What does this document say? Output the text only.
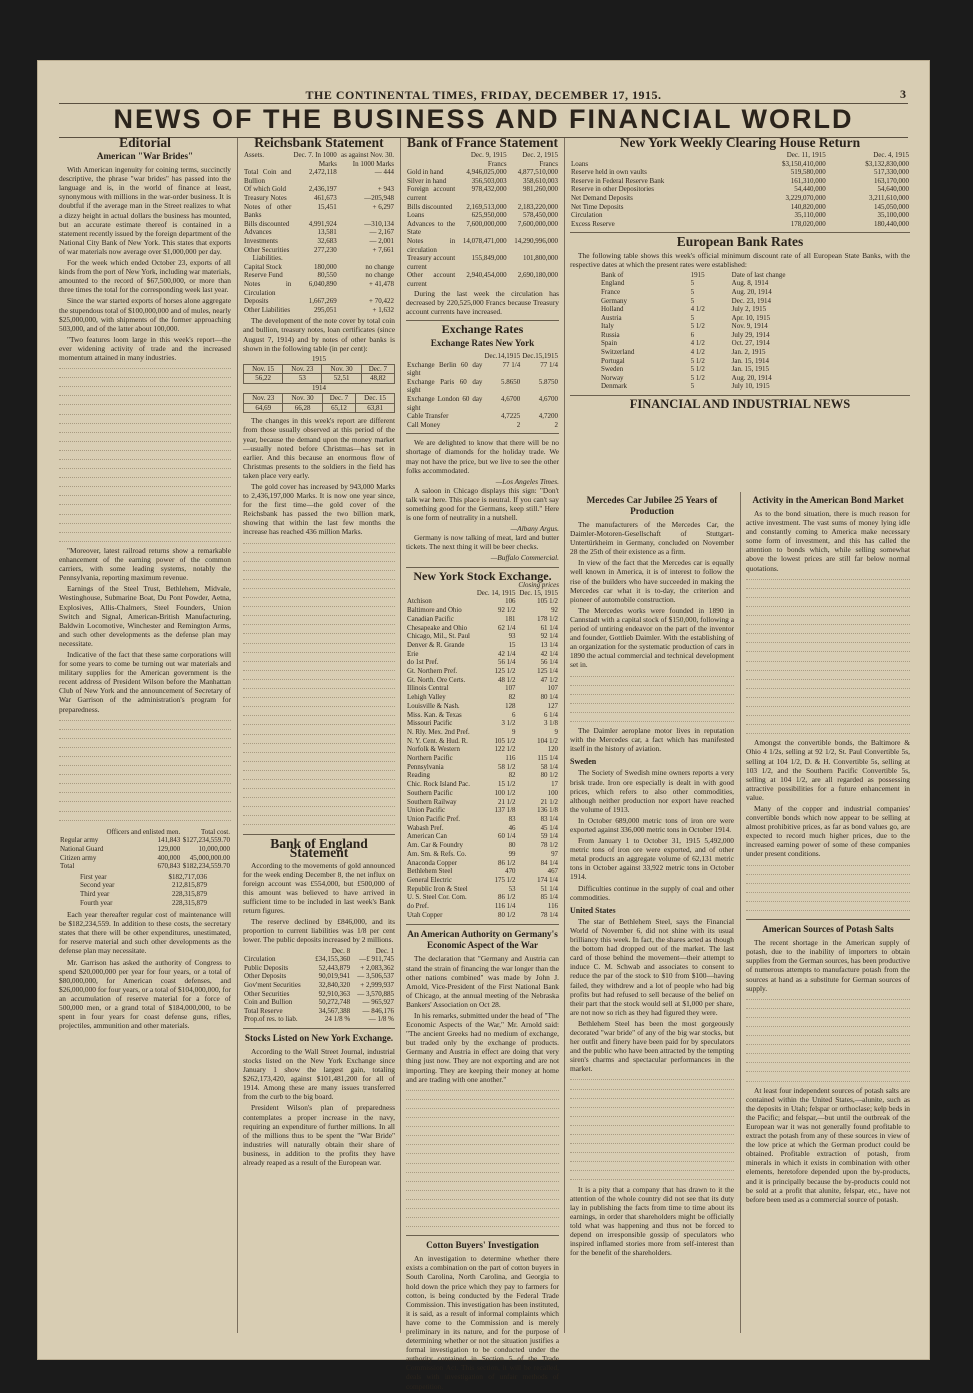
THE CONTINENTAL TIMES, FRIDAY, DECEMBER 17, 1915.	3
NEWS OF THE BUSINESS AND FINANCIAL WORLD
Editorial
American "War Brides"

With American ingenuity for coining terms, succinctly descriptive, the phrase "war brides" has passed into the language and is, in the world of finance at least, synonymous with millions in the war-order business. It is doubtful if the average man in the Street realizes to what a dizzy height in actual dollars the business has mounted, but an accurate estimate thereof is contained in a statement recently issued by the foreign department of the National City Bank of New York. This states that exports of war materials now average over $1,000,000 per day.

For the week which ended October 23, exports of all kinds from the port of New York, including war materials, amounted to the record of $67,500,000, or more than three times the total for the corresponding week last year.

Since the war started exports of horses alone aggregate the stupendous total of $100,000,000 and of mules, nearly $25,000,000, with shipments of the former approaching 503,000, and of the latter about 100,000.

"Two features loom large in this week's report—the ever widening activity of trade and the increased momentum attained in many industries.

"Moreover, latest railroad returns show a remarkable enhancement of the earning power of the common carriers, with some leading systems, notably the Pennsylvania, reporting maximum revenue.

Earnings of the Steel Trust, Bethlehem, Midvale, Westinghouse, Submarine Boat, Du Pont Powder, Aetna, Explosives, Allis-Chalmers, Steel Founders, Union Switch and Signal, American-British Manufacturing, Baldwin Locomotive, Winchester and Remington Arms, and such other developments as the defense plan may necessitate.

Indicative of the fact that these same corporations will for some years to come be turning out war materials and military supplies for the American government is the recent address of President Wilson before the Manhattan Club of New York and the announcement of Secretary of War Garrison of the administration's program for preparedness.

	Officers and enlisted men.	Total cost.
Regular army	141,843	$127,234,559.70
National Guard	129,000	10,000,000
Citizen army	400,000	45,000,000.00
Total	670,843	$182,234,559.70
First year	$182,717,036
Second year	212,815,879
Third year	228,315,879
Fourth year	228,315,879

Each year thereafter regular cost of maintenance will be $182,234,559. In addition to these costs, the secretary states that there will be other expenditures, unestimated, for reserve material and such other developments as the defense plan may necessitate.

Mr. Garrison has asked the authority of Congress to spend $20,000,000 per year for four years, or a total of $80,000,000, for American coast defenses, and $26,000,000 for four years, or a total of $104,000,000, for an accumulation of reserve material for a force of 500,000 men, or a grand total of $184,000,000, to be spent in four years for coast defense guns, rifles, projectiles, ammunition and other materials.

Reichsbank Statement
Assets.	Dec. 7. In 1000 Marks	as against Nov. 30. In 1000 Marks
Total Coin and Bullion	2,472,118	— 444
Of which Gold	2,436,197	+ 943
Treasury Notes	461,673	—205,948
Notes of other Banks	15,451	+ 6,297
Bills discounted	4,991,924	—310,134
Advances	13,581	— 2,167
Investments	32,683	— 2,001
Other Securities	277,230	+ 7,661
Liabilities.		
Capital Stock	180,000	no change
Reserve Fund	80,550	no change
Notes in Circulation	6,040,890	+ 41,478
Deposits	1,667,269	+ 70,422
Other Liabilities	295,051	+ 1,632

The development of the note cover by total coin and bullion, treasury notes, loan certificates (since August 7, 1914) and by notes of other banks is shown in the following table (in per cent):

1915
Nov. 15	Nov. 23	Nov. 30	Dec. 7
56,22	53	52,51	48,82
1914
Nov. 23	Nov. 30	Dec. 7	Dec. 15
64,69	66,28	65,12	63,81

The changes in this week's report are different from those usually observed at this period of the year, because the demand upon the money market—usually noted before Christmas—has set in earlier. And this because an enormous flow of Christmas presents to the soldiers in the field has taken place very early.

The gold cover has increased by 943,000 Marks to 2,436,197,000 Marks. It is now one year since, for the first time—the gold cover of the Reichsbank has passed the two billion mark, showing that within the last few months the increase has reached 436 million Marks.

Bank of England Statement

According to the movements of gold announced for the week ending December 8, the net influx on foreign account was £554,000, but £500,000 of this amount was believed to have arrived in sufficient time to be included in last week's Bank return figures.

The reserve declined by £846,000, and its proportion to current liabilities was 1/8 per cent lower. The public deposits increased by 2 millions.

	Dec. 8	Dec. 1
Circulation	£34,155,360	—£ 911,745
Public Deposits	52,443,879	+ 2,083,362
Other Deposits	90,019,941	— 3,506,537
Gov'ment Securities	32,840,320	+ 2,999,937
Other Securities	92,910,363	— 3,570,885
Coin and Bullion	50,272,748	— 965,927
Total Reserve	34,567,388	— 846,176
Prop.of res. to liab.	24 1/8 %	— 1/8 %
Stocks Listed on New York Exchange.

According to the Wall Street Journal, industrial stocks listed on the New York Exchange since January 1 show the largest gain, totaling $262,173,420, against $101,481,200 for all of 1914. Among these are many issues transferred from the curb to the big board.

President Wilson's plan of preparedness contemplates a proper increase in the navy, requiring an expenditure of further millions. In all of the millions thus to be spent the "War Bride" industries will naturally obtain their share of business, in addition to the profits they have already reaped as a result of the European war.

Bank of France Statement
	Dec. 9, 1915 Francs	Dec. 2, 1915 Francs
Gold in hand	4,946,025,000	4,877,510,000
Silver in hand	356,503,003	358,610,003
Foreign account current	978,432,000	981,260,000
Bills discounted	2,169,513,000	2,183,220,000
Loans	625,950,000	578,450,000
Advances to the State	7,600,000,000	7,600,000,000
Notes in circulation	14,078,471,000	14,290,996,000
Treasury account current	155,849,000	101,800,000
Other account current	2,940,454,000	2,690,180,000

During the last week the circulation has decreased by 220,525,000 Francs because Treasury account currents have increased.

Exchange Rates
Exchange Rates New York
	Dec.14,1915	Dec.15,1915
Exchange Berlin 60 day sight	77 1/4	77 1/4
Exchange Paris 60 day sight	5.8650	5.8750
Exchange London 60 day sight	4,6700	4,6700
Cable Transfer	4,7225	4,7200
Call Money	2	2

We are delighted to know that there will be no shortage of diamonds for the holiday trade. We may not have the price, but we live to see the other folks accommodated.

—Los Angeles Times.

A saloon in Chicago displays this sign: "Don't talk war here. This place is neutral. If you can't say something good for the Germans, keep still." Here is one form of neutrality in a nutshell.

—Albany Argus.

Germany is now talking of meat, lard and butter tickets. The next thing it will be beer checks.

—Buffalo Commercial.
New York Stock Exchange.
Closing prices
	Dec. 14, 1915	Dec. 15, 1915
Atchison	106	105 1/2
Baltimore and Ohio	92 1/2	92
Canadian Pacific	181	178 1/2
Chesapeake and Ohio	62 1/4	61 1/4
Chicago, Mil., St. Paul	93	92 1/4
Denver & R. Grande	15	13 1/4
Erie	42 1/4	42 1/4
do 1st Pref.	56 1/4	56 1/4
Gt. Northern Pref.	125 1/2	125 1/4
Gt. North. Ore Certs.	48 1/2	47 1/2
Illinois Central	107	107
Lehigh Valley	82	80 1/4
Louisville & Nash.	128	127
Miss. Kan. & Texas	6	6 1/4
Missouri Pacific	3 1/2	3 1/8
N. Rly. Mex. 2nd Pref.	9	9
N. Y. Cent. & Hud. R.	105 1/2	104 1/2
Norfolk & Western	122 1/2	120
Northern Pacific	116	115 1/4
Pennsylvania	58 1/2	58 1/4
Reading	82	80 1/2
Chic. Rock Island Pac.	15 1/2	17
Southern Pacific	100 1/2	100
Southern Railway	21 1/2	21 1/2
Union Pacific	137 1/8	136 1/8
Union Pacific Pref.	83	83 1/4
Wabash Pref.	46	45 1/4
American Can	60 1/4	59 1/4
Am. Car & Foundry	80	78 1/2
Am. Sm. & Refs. Co.	99	97
Anaconda Copper	86 1/2	84 1/4
Bethlehem Steel	470	467
General Electric	175 1/2	174 1/4
Republic Iron & Steel	53	51 1/4
U. S. Steel Cor. Com.	86 1/2	85 1/4
do Pref.	116 1/4	116
Utah Copper	80 1/2	78 1/4
An American Authority on Germany's Economic Aspect of the War

The declaration that "Germany and Austria can stand the strain of financing the war longer than the other nations combined" was made by John J. Arnold, Vice-President of the First National Bank of Chicago, at the annual meeting of the Nebraska Bankers' Association on Oct 28.

In his remarks, submitted under the head of "The Economic Aspects of the War," Mr. Arnold said: "The ancient Greeks had no medium of exchange, but traded only by the exchange of products. Germany and Austria in effect are doing that very thing just now. They are not exporting and are not importing. They are keeping their money at home and are trading with one another."

Cotton Buyers' Investigation

An investigation to determine whether there exists a combination on the part of cotton buyers in South Carolina, North Carolina, and Georgia to hold down the price which they pay to farmers for cotton, is being conducted by the Federal Trade Commission. This investigation has been instituted, it is said, as a result of informal complaints which have come to the Commission and is merely preliminary in its nature, and for the purpose of determining whether or not the situation justifies a formal investigation to be conducted under the authority contained in Section 5 of the Trade Commission Act. This section, it will be recalled, deals with investigation of unfair methods of competition.

New York Weekly Clearing House Return
	Dec. 11, 1915	Dec. 4, 1915
Loans	$3,150,410,000	$3,132,830,000
Reserve held in own vaults	519,580,000	517,330,000
Reserve in Federal Reserve Bank	161,310,000	163,170,000
Reserve in other Depositories	54,440,000	54,640,000
Net Demand Deposits	3,229,070,000	3,211,610,000
Net Time Deposits	140,820,000	145,050,000
Circulation	35,110,000	35,100,000
Excess Reserve	178,020,000	180,440,000
European Bank Rates

The following table shows this week's official minimum discount rate of all European State Banks, with the respective dates at which the present rates were established:

Bank of	1915	Date of last change
England	5	Aug. 8, 1914
France	5	Aug. 20, 1914
Germany	5	Dec. 23, 1914
Holland	4 1/2	July 2, 1915
Austria	5	Apr. 10, 1915
Italy	5 1/2	Nov. 9, 1914
Russia	6	July 29, 1914
Spain	4 1/2	Oct. 27, 1914
Switzerland	4 1/2	Jan. 2, 1915
Portugal	5 1/2	Jan. 15, 1914
Sweden	5 1/2	Jan. 15, 1915
Norway	5 1/2	Aug. 20, 1914
Denmark	5	July 10, 1915
FINANCIAL AND INDUSTRIAL NEWS
Mercedes Car Jubilee 25 Years of Production

The manufacturers of the Mercedes Car, the Daimler-Motoren-Gesellschaft of Stuttgart-Untertürkheim in Germany, concluded on November 28 the 25th of their existence as a firm.

In view of the fact that the Mercedes car is equally well known in America, it is of interest to follow the rise of the builders who have succeeded in making the Mercedes car what it is to-day, the criterion and pioneer of automobile construction.

The Mercedes works were founded in 1890 in Cannstadt with a capital stock of $150,000, following a period of untiring endeavor on the part of the inventor and founder, Gottlieb Daimler. With the establishing of an organization for the systematic production of cars in 1890 the actual commercial and technical development set in.

The Daimler aeroplane motor lives in reputation with the Mercedes car, a fact which has manifested itself in the history of aviation.

Sweden

The Society of Swedish mine owners reports a very brisk trade. Iron ore especially is dealt in with good prices, which refers to also other commodities, although neither production nor export have reached the volume of 1913.

In October 689,000 metric tons of iron ore were exported against 336,000 metric tons in October 1914.

From January 1 to October 31, 1915 5,492,000 metric tons of iron ore were exported, and of other metal products an aggregate volume of 62,131 metric tons in October against 33,922 metric tons in October 1914.

Difficulties continue in the supply of coal and other commodities.

United States

The star of Bethlehem Steel, says the Financial World of November 6, did not shine with its usual brilliancy this week. In fact, the shares acted as though the bottom had dropped out of the market. The last card of those behind the movement—their attempt to induce C. M. Schwab and associates to consent to reduce the par of the stock to $10 from $100—having failed, they withdrew and a lot of people who had big profits but had refused to sell because of the belief on their part that the stock would sell at $1,000 per share, are not now so rich as they had figured they were.

Bethlehem Steel has been the most gorgeously decorated "war bride" of any of the big war stocks, but her outfit and finery have been paid for by speculators and the public who have been attracted by the tempting siren's charms and spectacular performances in the market.

It is a pity that a company that has drawn to it the attention of the whole country did not see that its duty lay in publishing the facts from time to time about its earnings, in order that shareholders might be officially told what was happening and thus not be forced to depend on irresponsible gossip of speculators who inspired inflamed stories more from self-interest than for the benefit of the shareholders.

Activity in the American Bond Market

As to the bond situation, there is much reason for active investment. The vast sums of money lying idle and constantly coming to America make necessary some form of investment, and this has called the attention to bonds which, while selling somewhat above the lowest prices are still far below normal quotations.

Amongst the convertible bonds, the Baltimore & Ohio 4 1/2s, selling at 92 1/2, St. Paul Convertible 5s, selling at 104 1/2, D. & H. Convertible 5s, selling at 103 1/2, and the Southern Pacific Convertible 5s, selling at 104 1/2, are all regarded as possessing attractive possibilities for a future enhancement in value.

Many of the copper and industrial companies' convertible bonds which now appear to be selling at almost prohibitive prices, as far as bond values go, are expected to record much higher prices, due to the increased earning power of some of these companies under present conditions.

American Sources of Potash Salts

The recent shortage in the American supply of potash, due to the inability of importers to obtain supplies from the German sources, has been productive of numerous attempts to manufacture potash from the sources at hand as a substitute for German sources of supply.

At least four independent sources of potash salts are contained within the United States,—alunite, such as the deposits in Utah; felspar or orthoclase; kelp beds in the Pacific; and felspar,—but until the outbreak of the European war it was not generally found profitable to extract the potash from any of these sources in view of the low price at which the German product could be obtained. Profitable extraction of potash, from minerals in which it exists in combination with other elements, heretofore depended upon the by-products, and it is principally because the by-products could not be sold at a profit that alunite, felspar, etc., have not before been used as a commercial source of potash.
